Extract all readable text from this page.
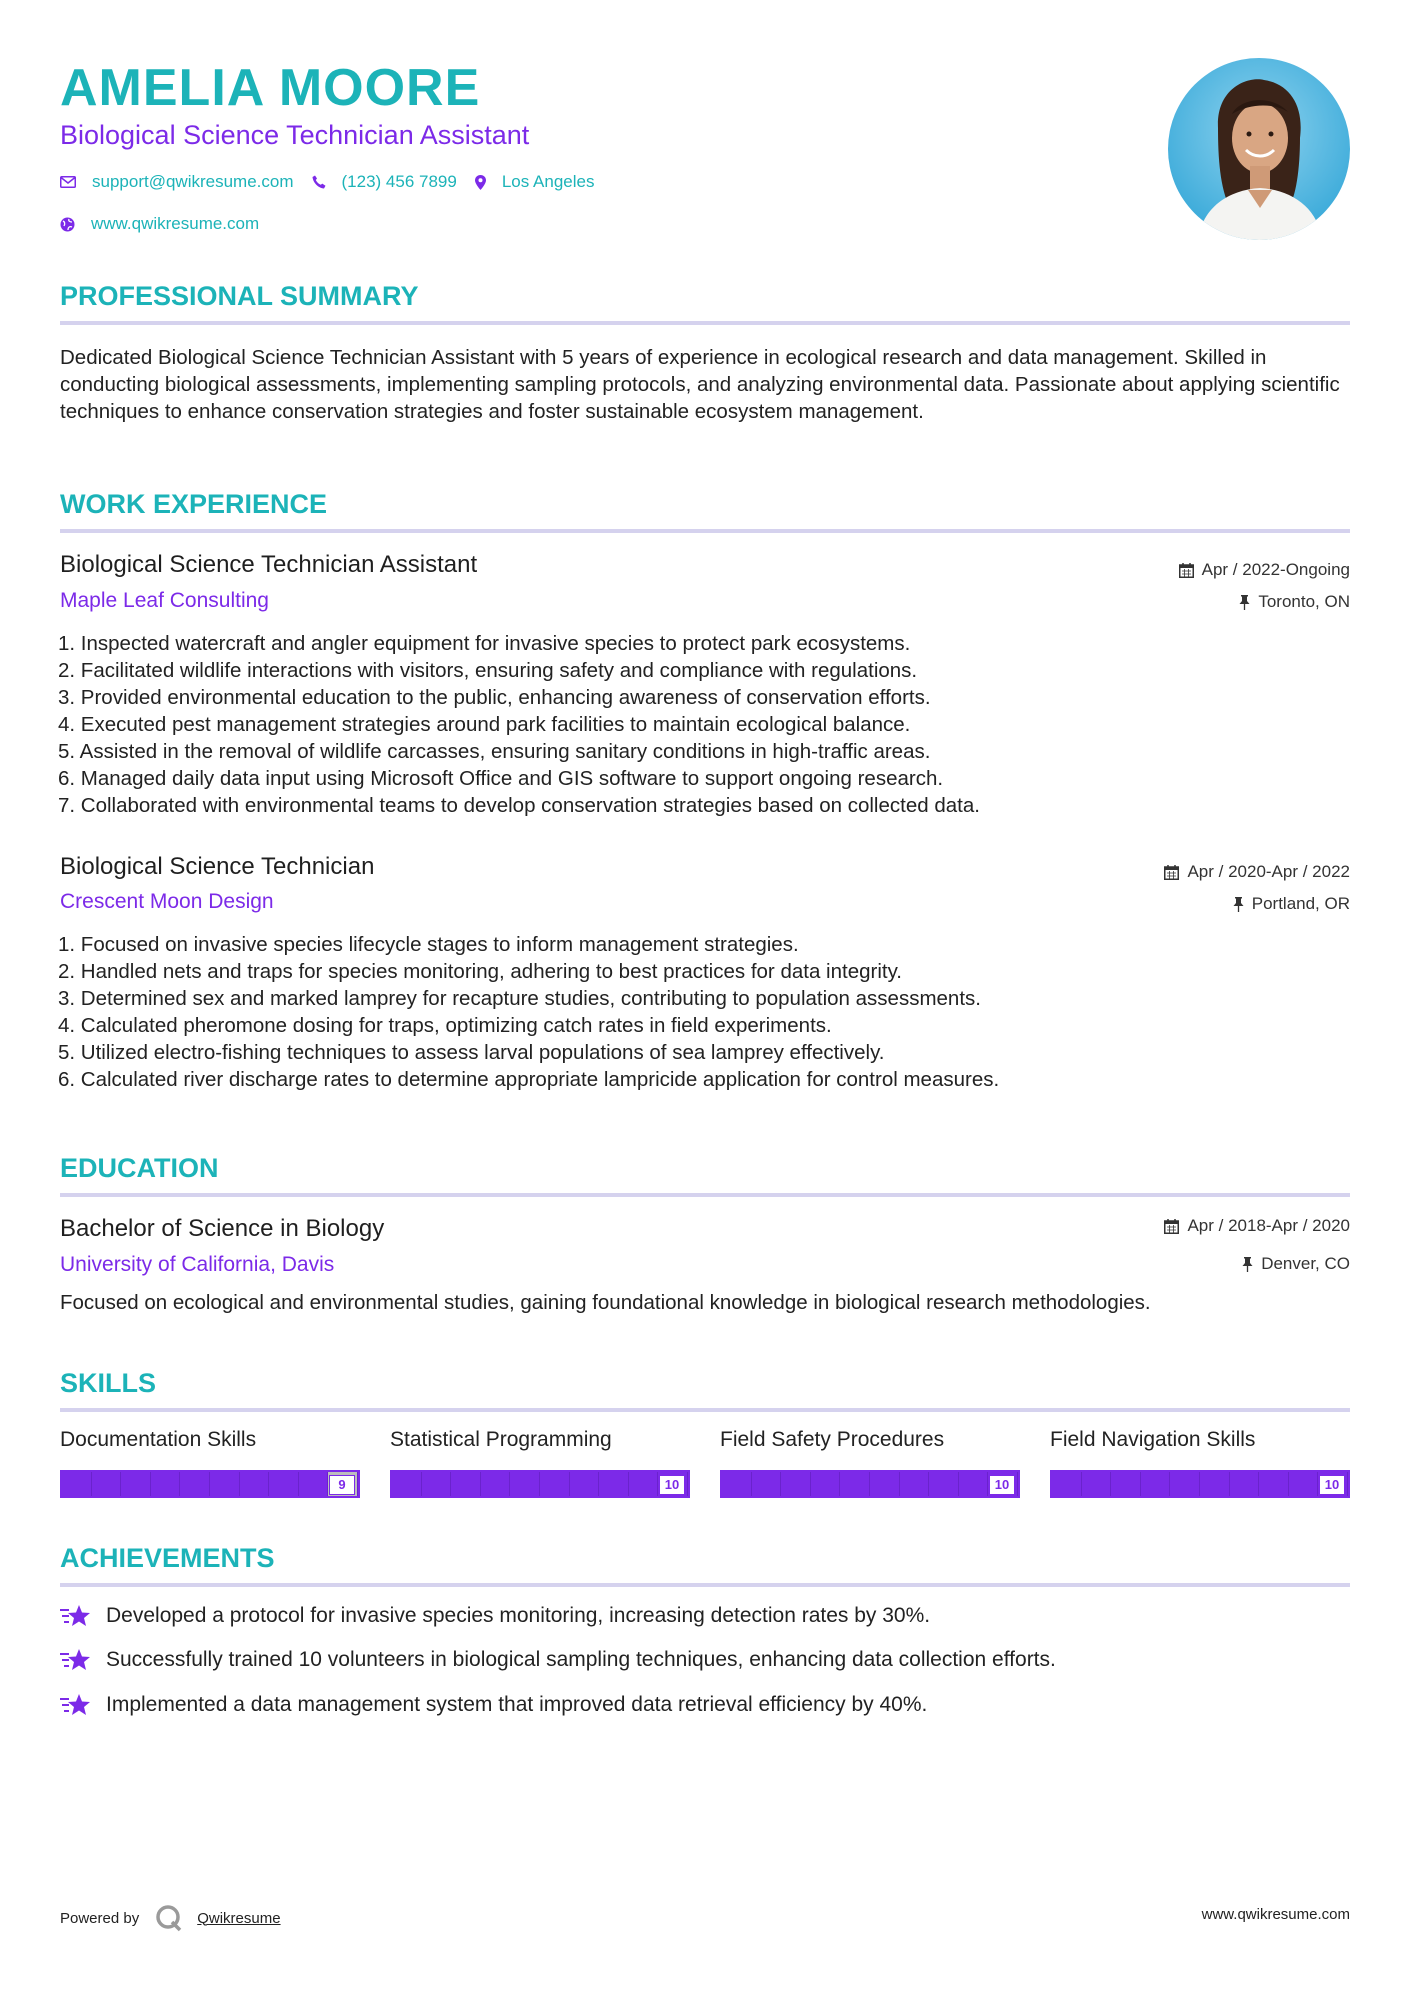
AMELIA MOORE
Biological Science Technician Assistant
support@qwikresume.com	(123) 456 7899	Los Angeles
www.qwikresume.com
PROFESSIONAL SUMMARY
Dedicated Biological Science Technician Assistant with 5 years of experience in ecological research and data management. Skilled in conducting biological assessments, implementing sampling protocols, and analyzing environmental data. Passionate about applying scientific techniques to enhance conservation strategies and foster sustainable ecosystem management.
WORK EXPERIENCE
Biological Science Technician Assistant
Maple Leaf Consulting
Apr / 2022-Ongoing
Toronto, ON
1. Inspected watercraft and angler equipment for invasive species to protect park ecosystems.
2. Facilitated wildlife interactions with visitors, ensuring safety and compliance with regulations.
3. Provided environmental education to the public, enhancing awareness of conservation efforts.
4. Executed pest management strategies around park facilities to maintain ecological balance.
5. Assisted in the removal of wildlife carcasses, ensuring sanitary conditions in high-traffic areas.
6. Managed daily data input using Microsoft Office and GIS software to support ongoing research.
7. Collaborated with environmental teams to develop conservation strategies based on collected data.
Biological Science Technician
Crescent Moon Design
Apr / 2020-Apr / 2022
Portland, OR
1. Focused on invasive species lifecycle stages to inform management strategies.
2. Handled nets and traps for species monitoring, adhering to best practices for data integrity.
3. Determined sex and marked lamprey for recapture studies, contributing to population assessments.
4. Calculated pheromone dosing for traps, optimizing catch rates in field experiments.
5. Utilized electro-fishing techniques to assess larval populations of sea lamprey effectively.
6. Calculated river discharge rates to determine appropriate lampricide application for control measures.
EDUCATION
Bachelor of Science in Biology
University of California, Davis
Apr / 2018-Apr / 2020
Denver, CO
Focused on ecological and environmental studies, gaining foundational knowledge in biological research methodologies.
SKILLS
Documentation Skills
9
Statistical Programming
10
Field Safety Procedures
10
Field Navigation Skills
10
ACHIEVEMENTS
Developed a protocol for invasive species monitoring, increasing detection rates by 30%.
Successfully trained 10 volunteers in biological sampling techniques, enhancing data collection efforts.
Implemented a data management system that improved data retrieval efficiency by 40%.
Powered by	Qwikresume	www.qwikresume.com
